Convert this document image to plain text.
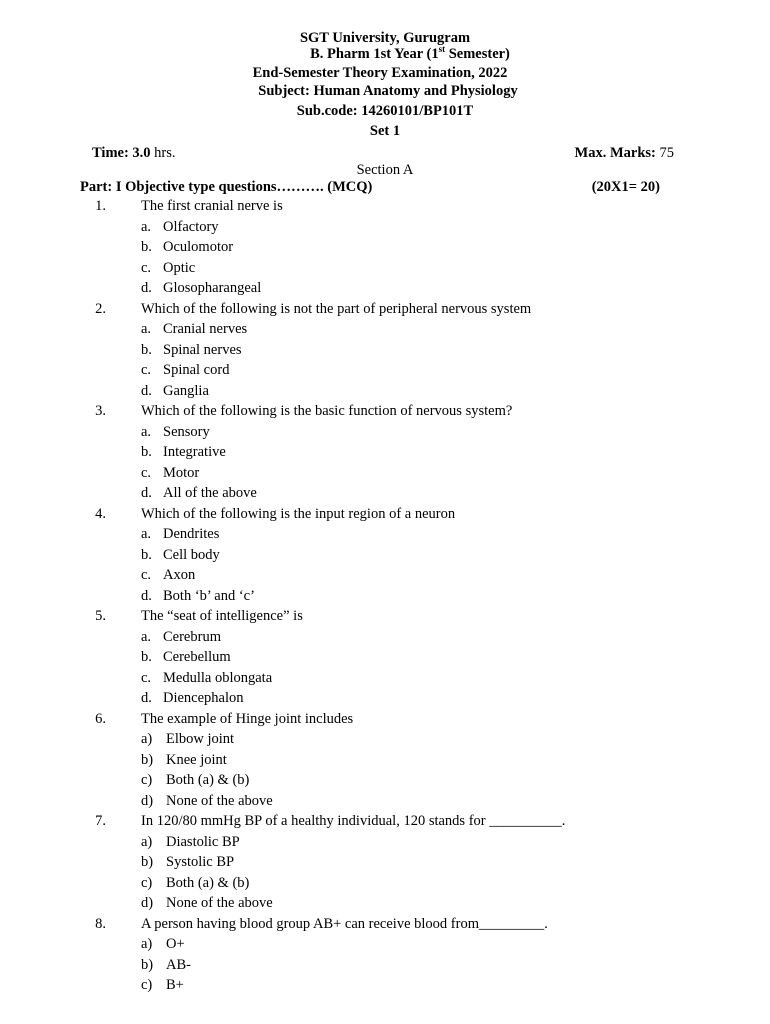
SGT University, Gurugram
B. Pharm 1st Year (1st Semester)
End-Semester Theory Examination, 2022
Subject: Human Anatomy and Physiology
Sub.code: 14260101/BP101T
Set 1
Time: 3.0 hrs.	Max. Marks: 75
Section A
Part: I Objective type questions………. (MCQ)	(20X1= 20)
1. The first cranial nerve is
a. Olfactory
b. Oculomotor
c. Optic
d. Glosopharangeal
2. Which of the following is not the part of peripheral nervous system
a. Cranial nerves
b. Spinal nerves
c. Spinal cord
d. Ganglia
3. Which of the following is the basic function of nervous system?
a. Sensory
b. Integrative
c. Motor
d. All of the above
4. Which of the following is the input region of a neuron
a. Dendrites
b. Cell body
c. Axon
d. Both ‘b’ and ‘c’
5. The “seat of intelligence” is
a. Cerebrum
b. Cerebellum
c. Medulla oblongata
d. Diencephalon
6. The example of Hinge joint includes
a) Elbow joint
b) Knee joint
c) Both (a) & (b)
d) None of the above
7. In 120/80 mmHg BP of a healthy individual, 120 stands for __________.
a) Diastolic BP
b) Systolic BP
c) Both (a) & (b)
d) None of the above
8. A person having blood group AB+ can receive blood from_________.
a) O+
b) AB-
c) B+
